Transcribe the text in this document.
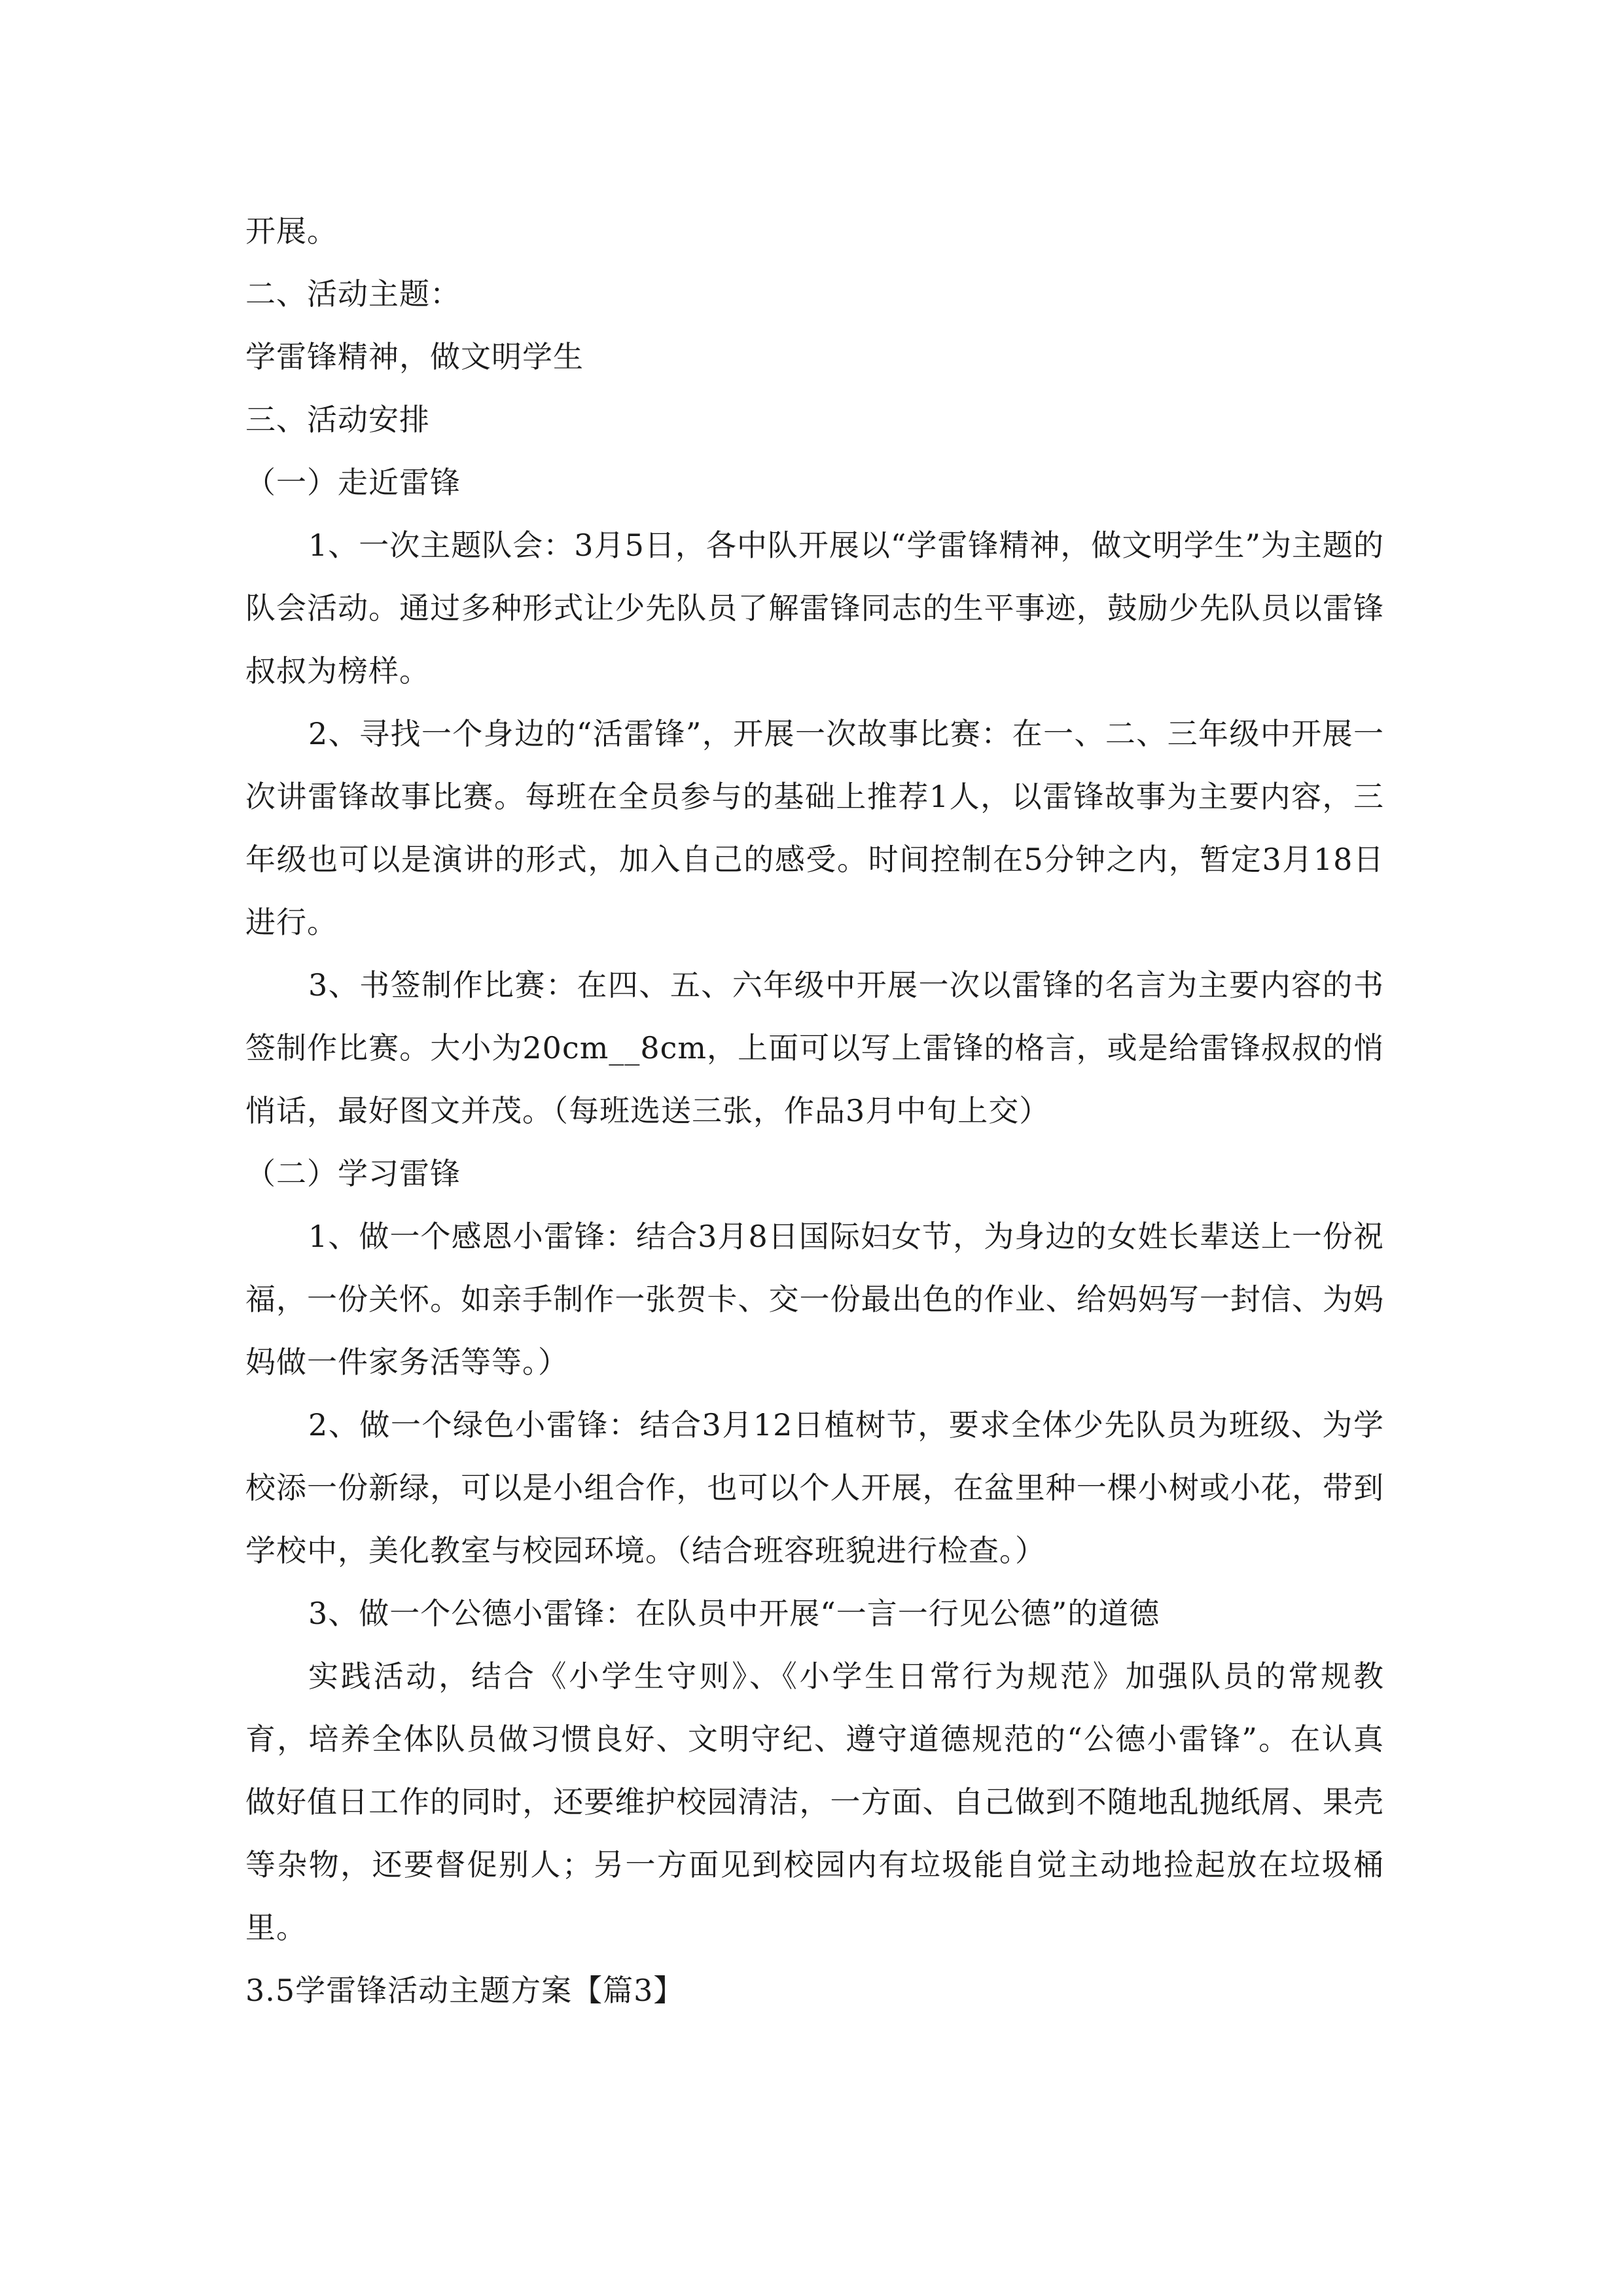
开展。

二、活动主题：

学雷锋精神，做文明学生

三、活动安排

（一）走近雷锋

1、一次主题队会：3月5日，各中队开展以“学雷锋精神，做文明学生”为主题的队会活动。通过多种形式让少先队员了解雷锋同志的生平事迹，鼓励少先队员以雷锋叔叔为榜样。

2、寻找一个身边的“活雷锋”，开展一次故事比赛：在一、二、三年级中开展一次讲雷锋故事比赛。每班在全员参与的基础上推荐1人，以雷锋故事为主要内容，三年级也可以是演讲的形式，加入自己的感受。时间控制在5分钟之内，暂定3月18日进行。

3、书签制作比赛：在四、五、六年级中开展一次以雷锋的名言为主要内容的书签制作比赛。大小为20cm__8cm，上面可以写上雷锋的格言，或是给雷锋叔叔的悄悄话，最好图文并茂。（每班选送三张，作品3月中旬上交）

（二）学习雷锋

1、做一个感恩小雷锋：结合3月8日国际妇女节，为身边的女姓长辈送上一份祝福，一份关怀。如亲手制作一张贺卡、交一份最出色的作业、给妈妈写一封信、为妈妈做一件家务活等等。）

2、做一个绿色小雷锋：结合3月12日植树节，要求全体少先队员为班级、为学校添一份新绿，可以是小组合作，也可以个人开展，在盆里种一棵小树或小花，带到学校中，美化教室与校园环境。（结合班容班貌进行检查。）

3、做一个公德小雷锋：在队员中开展“一言一行见公德”的道德

实践活动，结合《小学生守则》、《小学生日常行为规范》加强队员的常规教育，培养全体队员做习惯良好、文明守纪、遵守道德规范的“公德小雷锋”。在认真做好值日工作的同时，还要维护校园清洁，一方面、自己做到不随地乱抛纸屑、果壳等杂物，还要督促别人；另一方面见到校园内有垃圾能自觉主动地捡起放在垃圾桶里。

3.5学雷锋活动主题方案【篇3】
